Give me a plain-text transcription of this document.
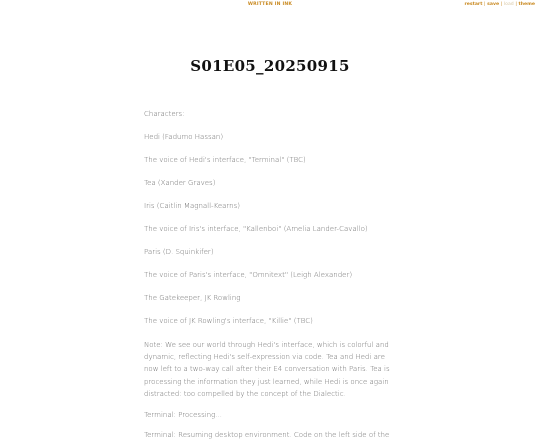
WRITTEN IN INK	restart | save | load | theme
S01E05_20250915

Characters:

Hedi (Fadumo Hassan)

The voice of Hedi's interface, "Terminal" (TBC)

Tea (Xander Graves)

Iris (Caitlin Magnall-Kearns)

The voice of Iris's interface, "Kallenboi" (Amelia Lander-Cavallo)

Paris (D. Squinkifer)

The voice of Paris's interface, "Omnitext" (Leigh Alexander)

The Gatekeeper, JK Rowling

The voice of JK Rowling's interface, "Killie" (TBC)

Note: We see our world through Hedi's interface, which is colorful and dynamic, reflecting Hedi's self-expression via code. Tea and Hedi are now left to a two-way call after their E4 conversation with Paris. Tea is processing the information they just learned, while Hedi is once again distracted: too compelled by the concept of the Dialectic.

Terminal: Processing...

Terminal: Resuming desktop environment. Code on the left side of the
